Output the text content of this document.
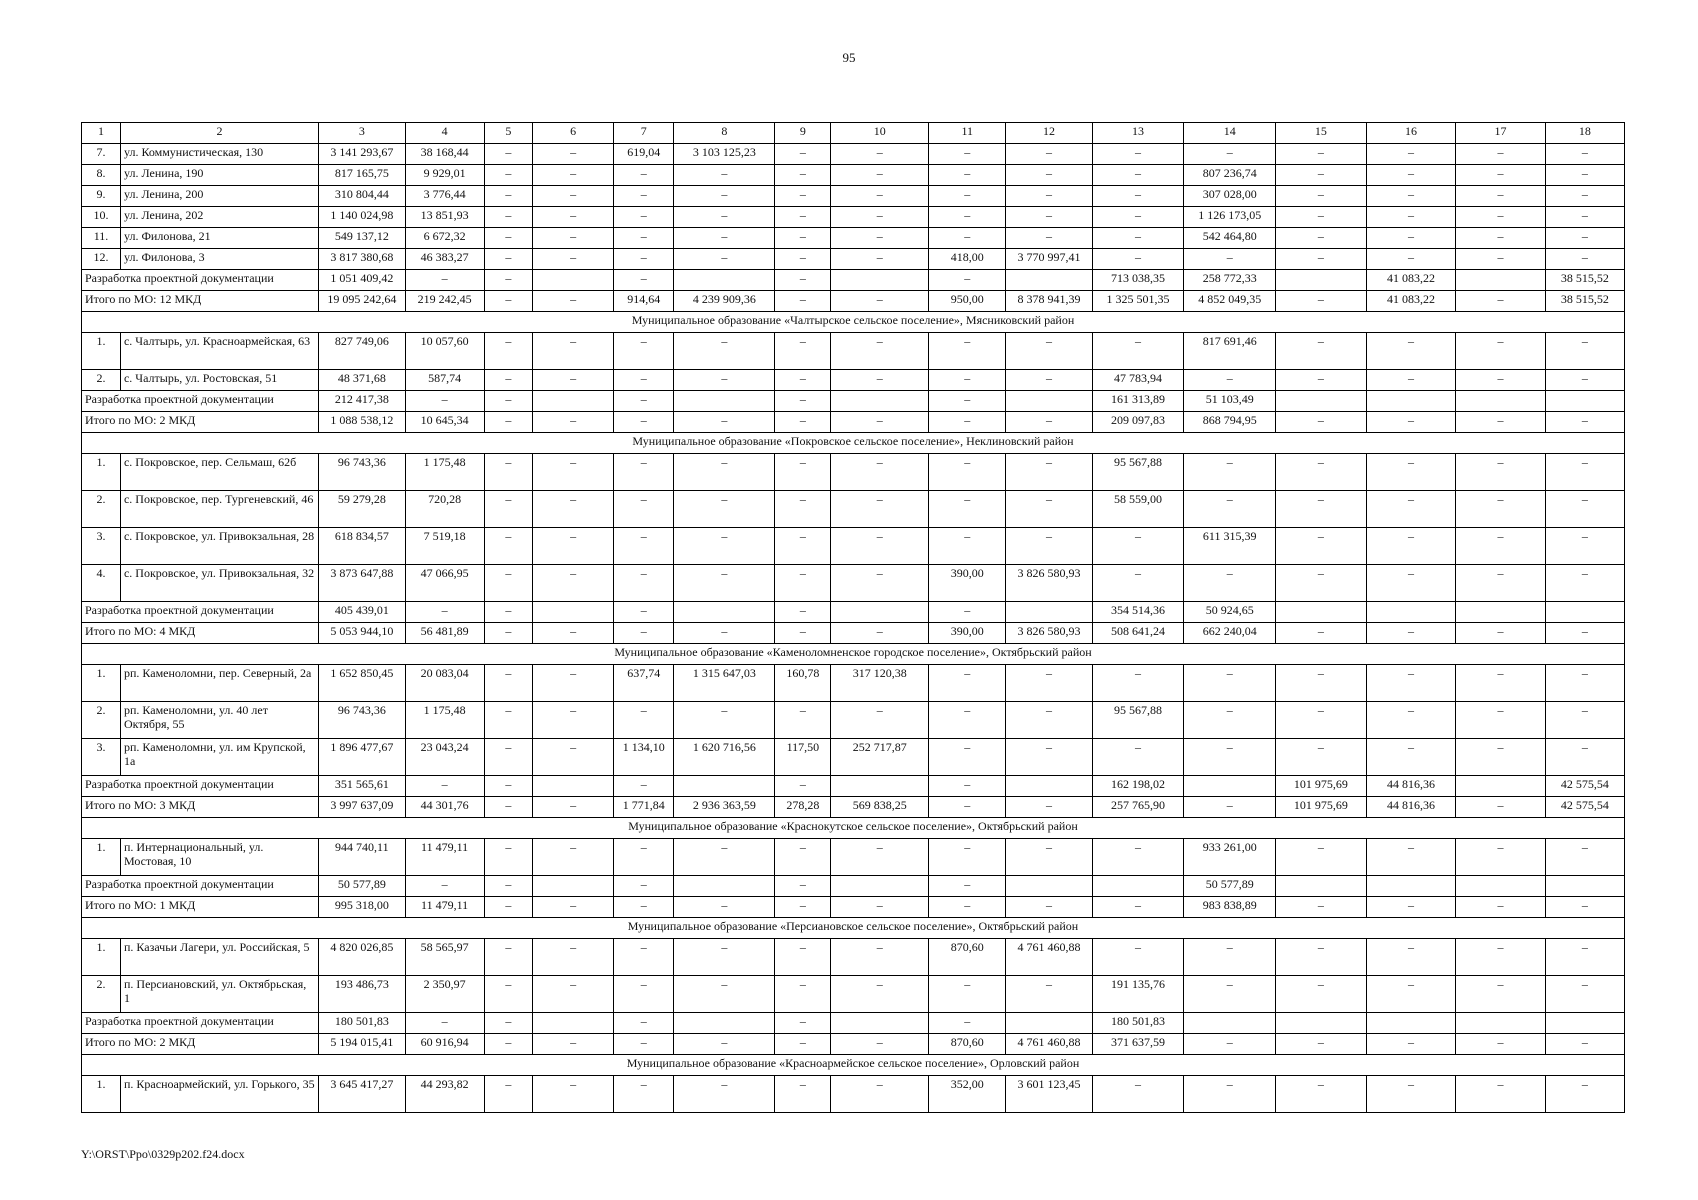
95
1	2	3	4	5	6	7	8	9	10	11	12	13	14	15	16	17	18
7.	ул. Коммунистическая, 130	3 141 293,67	38 168,44	–	–	619,04	3 103 125,23	–	–	–	–	–	–	–	–	–	–
8.	ул. Ленина, 190	817 165,75	9 929,01	–	–	–	–	–	–	–	–	–	807 236,74	–	–	–	–
9.	ул. Ленина, 200	310 804,44	3 776,44	–	–	–	–	–	–	–	–	–	307 028,00	–	–	–	–
10.	ул. Ленина, 202	1 140 024,98	13 851,93	–	–	–	–	–	–	–	–	–	1 126 173,05	–	–	–	–
11.	ул. Филонова, 21	549 137,12	6 672,32	–	–	–	–	–	–	–	–	–	542 464,80	–	–	–	–
12.	ул. Филонова, 3	3 817 380,68	46 383,27	–	–	–	–	–	–	418,00	3 770 997,41	–	–	–	–	–	–
Разработка проектной документации		1 051 409,42	–	–		–		–		–		713 038,35	258 772,33		41 083,22		38 515,52
Итого по МО: 12 МКД		19 095 242,64	219 242,45	–	–	914,64	4 239 909,36	–	–	950,00	8 378 941,39	1 325 501,35	4 852 049,35	–	41 083,22	–	38 515,52
Муниципальное образование «Чалтырское сельское поселение», Мясниковский район																	
1.	с. Чалтырь, ул. Красноармейская, 63	827 749,06	10 057,60	–	–	–	–	–	–	–	–	–	817 691,46	–	–	–	–
2.	с. Чалтырь, ул. Ростовская, 51	48 371,68	587,74	–	–	–	–	–	–	–	–	47 783,94	–	–	–	–	–
Разработка проектной документации		212 417,38	–	–		–		–		–		161 313,89	51 103,49				
Итого по МО: 2 МКД		1 088 538,12	10 645,34	–	–	–	–	–	–	–	–	209 097,83	868 794,95	–	–	–	–
Муниципальное образование «Покровское сельское поселение», Неклиновский район																	
1.	с. Покровское, пер. Сельмаш, 62б	96 743,36	1 175,48	–	–	–	–	–	–	–	–	95 567,88	–	–	–	–	–
2.	с. Покровское, пер. Тургеневский, 46	59 279,28	720,28	–	–	–	–	–	–	–	–	58 559,00	–	–	–	–	–
3.	с. Покровское, ул. Привокзальная, 28	618 834,57	7 519,18	–	–	–	–	–	–	–	–	–	611 315,39	–	–	–	–
4.	с. Покровское, ул. Привокзальная, 32	3 873 647,88	47 066,95	–	–	–	–	–	–	390,00	3 826 580,93	–	–	–	–	–	–
Разработка проектной документации		405 439,01	–	–		–		–		–		354 514,36	50 924,65				
Итого по МО: 4 МКД		5 053 944,10	56 481,89	–	–	–	–	–	–	390,00	3 826 580,93	508 641,24	662 240,04	–	–	–	–
Муниципальное образование «Каменоломненское городское поселение», Октябрьский район																	
1.	рп. Каменоломни, пер. Северный, 2а	1 652 850,45	20 083,04	–	–	637,74	1 315 647,03	160,78	317 120,38	–	–	–	–	–	–	–	–
2.	рп. Каменоломни, ул. 40 лет Октября, 55	96 743,36	1 175,48	–	–	–	–	–	–	–	–	95 567,88	–	–	–	–	–
3.	рп. Каменоломни, ул. им Крупской, 1а	1 896 477,67	23 043,24	–	–	1 134,10	1 620 716,56	117,50	252 717,87	–	–	–	–	–	–	–	–
Разработка проектной документации		351 565,61	–	–		–		–		–		162 198,02		101 975,69	44 816,36		42 575,54
Итого по МО: 3 МКД		3 997 637,09	44 301,76	–	–	1 771,84	2 936 363,59	278,28	569 838,25	–	–	257 765,90	–	101 975,69	44 816,36	–	42 575,54
Муниципальное образование «Краснокутское сельское поселение», Октябрьский район																	
1.	п. Интернациональный, ул. Мостовая, 10	944 740,11	11 479,11	–	–	–	–	–	–	–	–	–	933 261,00	–	–	–	–
Разработка проектной документации		50 577,89	–	–		–		–		–			50 577,89				
Итого по МО: 1 МКД		995 318,00	11 479,11	–	–	–	–	–	–	–	–	–	983 838,89	–	–	–	–
Муниципальное образование «Персиановское сельское поселение», Октябрьский район																	
1.	п. Казачьи Лагери, ул. Российская, 5	4 820 026,85	58 565,97	–	–	–	–	–	–	870,60	4 761 460,88	–	–	–	–	–	–
2.	п. Персиановский, ул. Октябрьская, 1	193 486,73	2 350,97	–	–	–	–	–	–	–	–	191 135,76	–	–	–	–	–
Разработка проектной документации		180 501,83	–	–		–		–		–		180 501,83					
Итого по МО: 2 МКД		5 194 015,41	60 916,94	–	–	–	–	–	–	870,60	4 761 460,88	371 637,59	–	–	–	–	–
Муниципальное образование «Красноармейское сельское поселение», Орловский район																	
1.	п. Красноармейский, ул. Горького, 35	3 645 417,27	44 293,82	–	–	–	–	–	–	352,00	3 601 123,45	–	–	–	–	–	–
Y:\ORST\Ppo\0329p202.f24.docx
